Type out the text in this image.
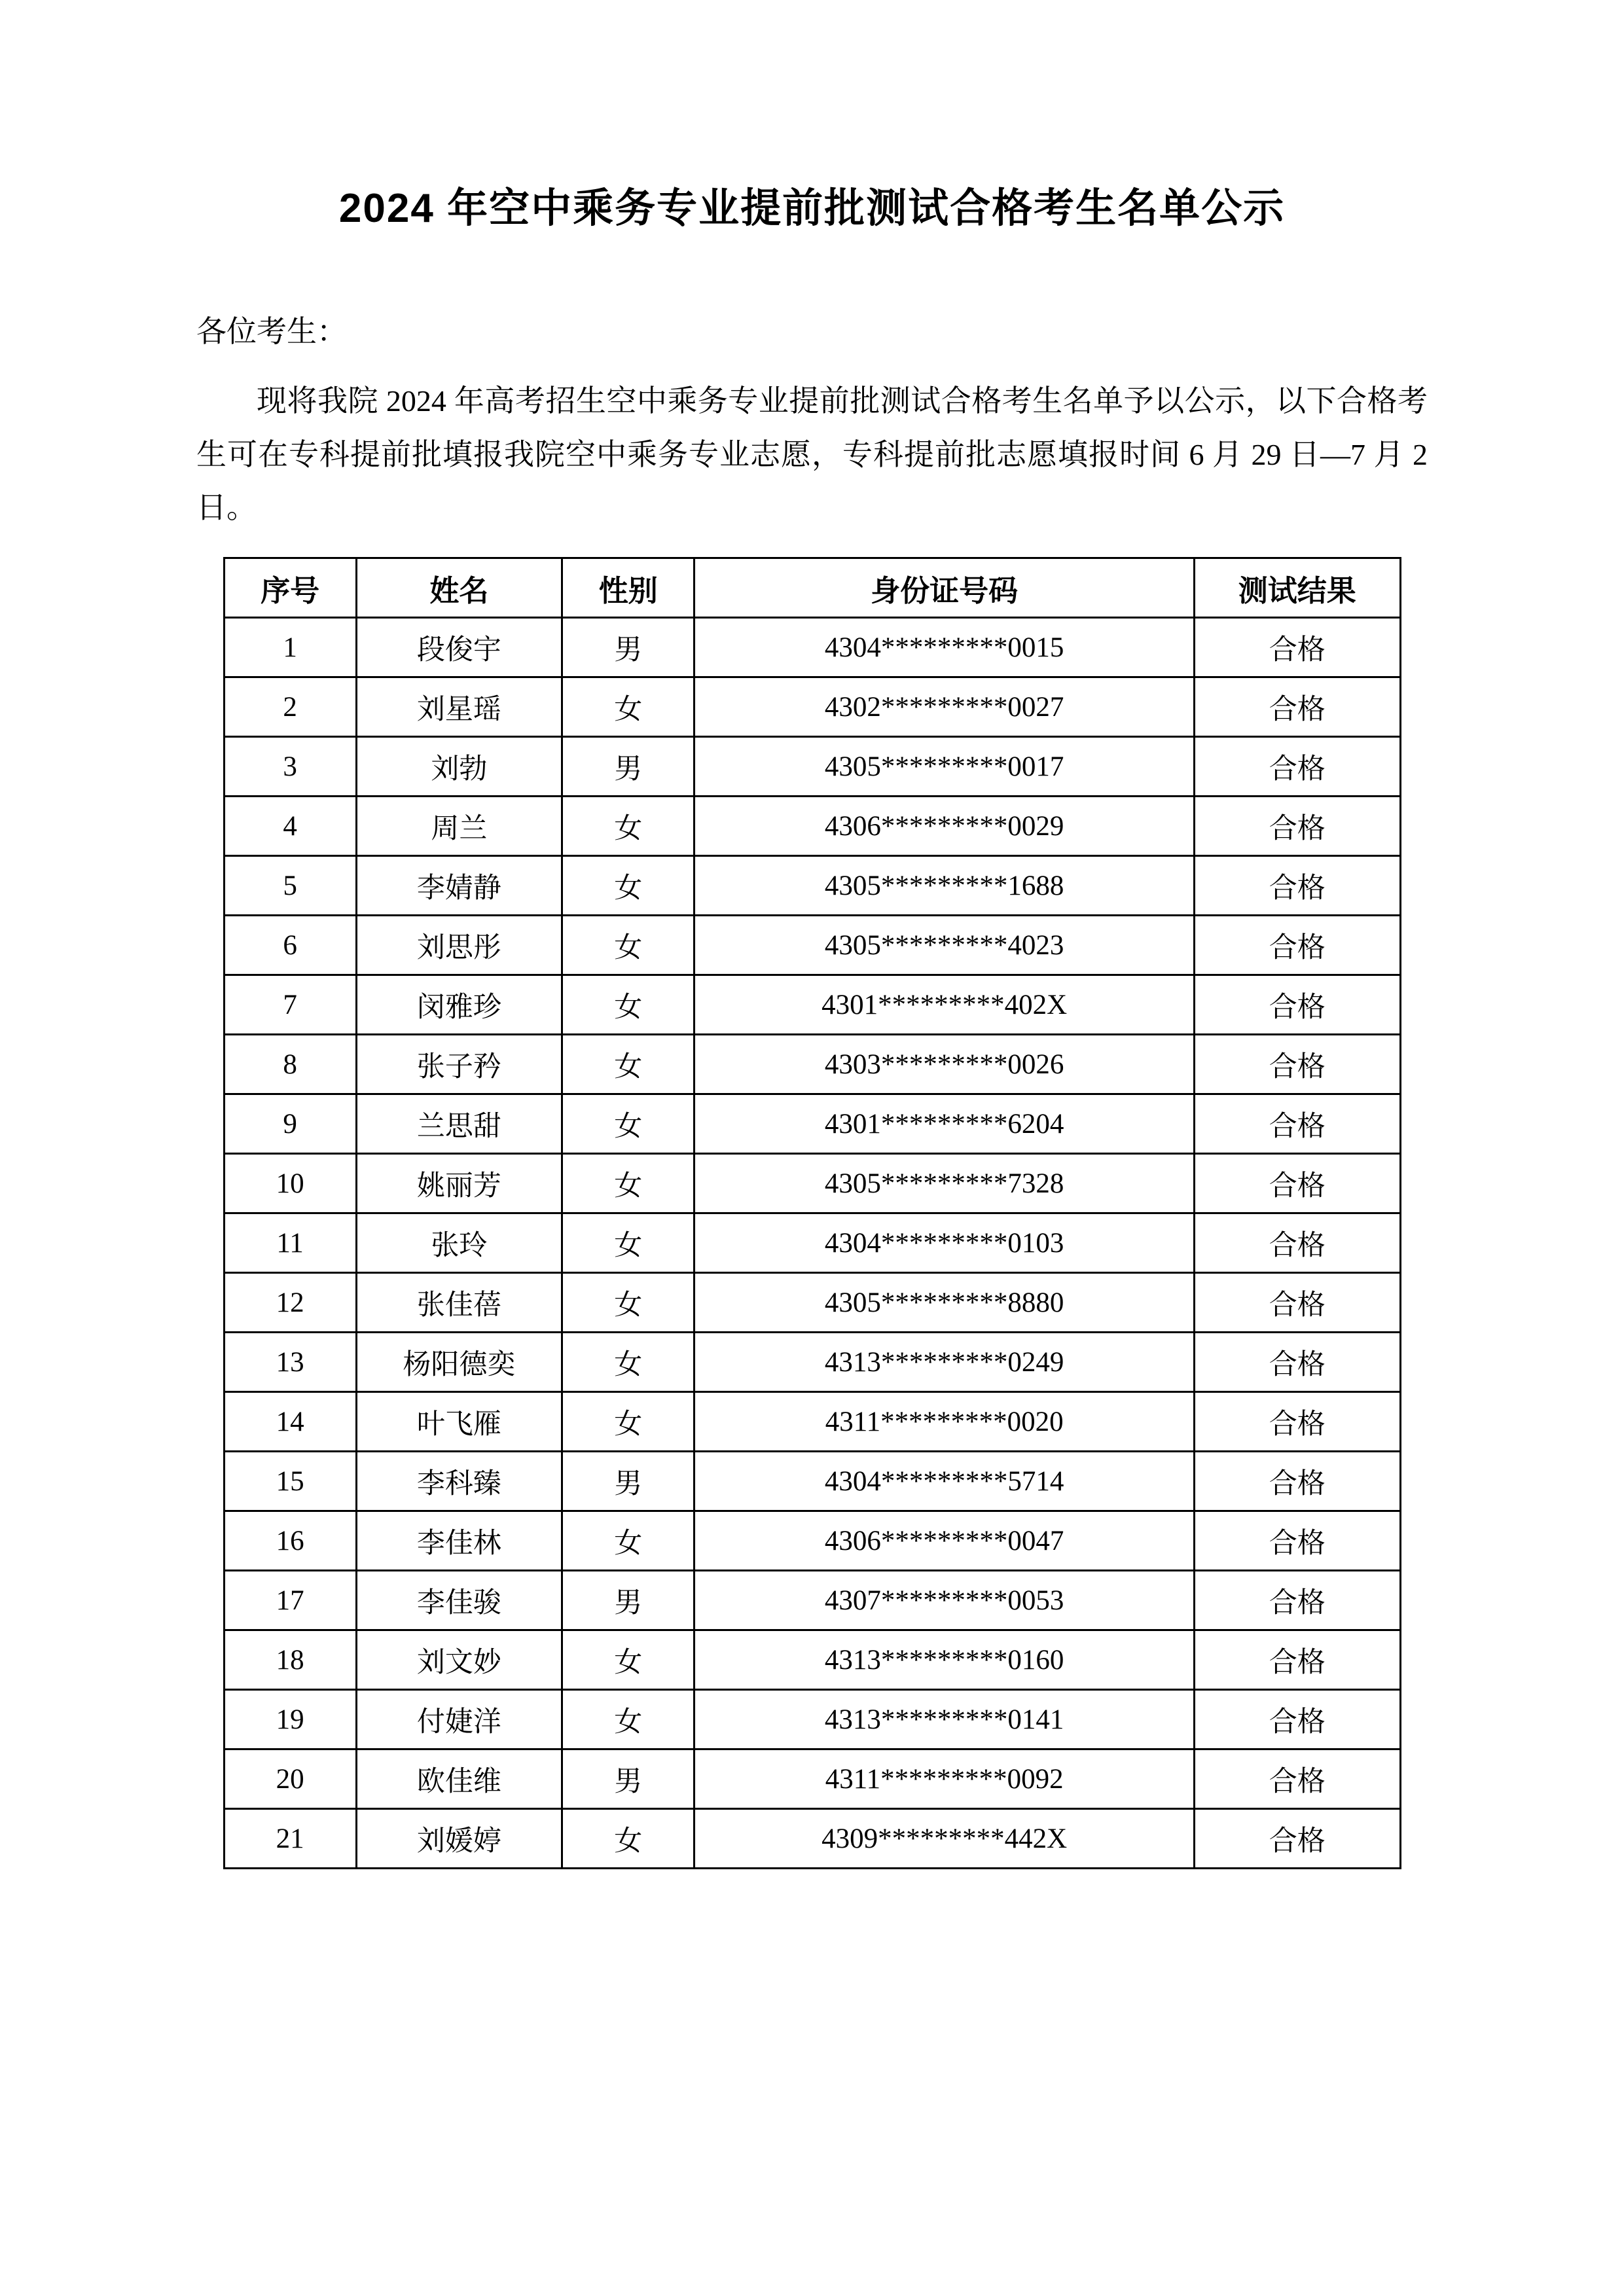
2024 年空中乘务专业提前批测试合格考生名单公示

各位考生：

现将我院 2024 年高考招生空中乘务专业提前批测试合格考生名单予以公示，以下合格考生可在专科提前批填报我院空中乘务专业志愿，专科提前批志愿填报时间 6 月 29 日—7 月 2 日。

序号	姓名	性别	身份证号码	测试结果
1	段俊宇	男	4304*********0015	合格
2	刘星瑶	女	4302*********0027	合格
3	刘勃	男	4305*********0017	合格
4	周兰	女	4306*********0029	合格
5	李婧静	女	4305*********1688	合格
6	刘思彤	女	4305*********4023	合格
7	闵雅珍	女	4301*********402X	合格
8	张子矜	女	4303*********0026	合格
9	兰思甜	女	4301*********6204	合格
10	姚丽芳	女	4305*********7328	合格
11	张玲	女	4304*********0103	合格
12	张佳蓓	女	4305*********8880	合格
13	杨阳德奕	女	4313*********0249	合格
14	叶飞雁	女	4311*********0020	合格
15	李科臻	男	4304*********5714	合格
16	李佳林	女	4306*********0047	合格
17	李佳骏	男	4307*********0053	合格
18	刘文妙	女	4313*********0160	合格
19	付婕洋	女	4313*********0141	合格
20	欧佳维	男	4311*********0092	合格
21	刘媛婷	女	4309*********442X	合格
